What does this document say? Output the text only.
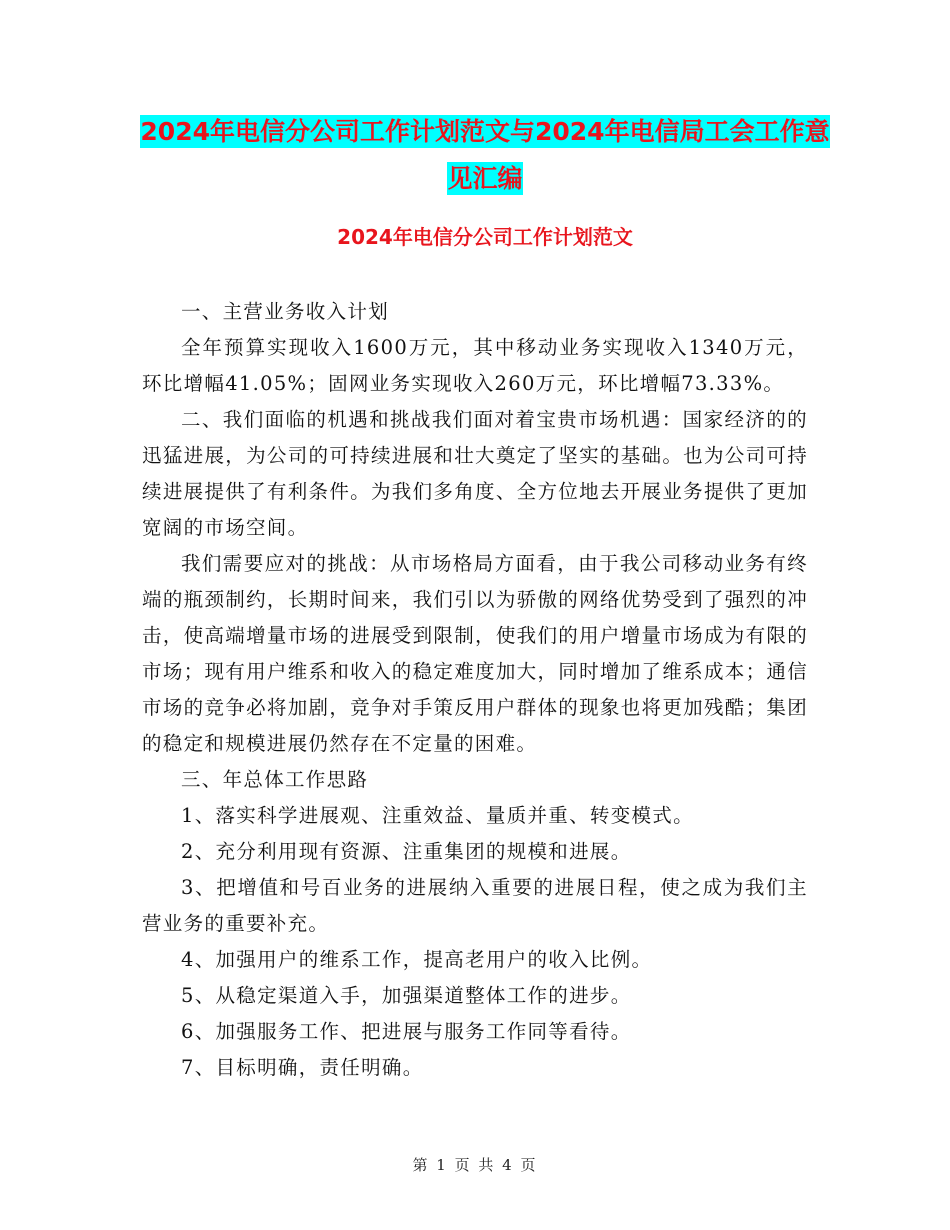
2024年电信分公司工作计划范文与2024年电信局工会工作意见汇编
2024年电信分公司工作计划范文

一、主营业务收入计划

全年预算实现收入1600万元，其中移动业务实现收入1340万元，环比增幅41.05%；固网业务实现收入260万元，环比增幅73.33%。

二、我们面临的机遇和挑战我们面对着宝贵市场机遇：国家经济的的迅猛进展，为公司的可持续进展和壮大奠定了坚实的基础。也为公司可持续进展提供了有利条件。为我们多角度、全方位地去开展业务提供了更加宽阔的市场空间。

我们需要应对的挑战：从市场格局方面看，由于我公司移动业务有终端的瓶颈制约，长期时间来，我们引以为骄傲的网络优势受到了强烈的冲击，使高端增量市场的进展受到限制，使我们的用户增量市场成为有限的市场；现有用户维系和收入的稳定难度加大，同时增加了维系成本；通信市场的竞争必将加剧，竞争对手策反用户群体的现象也将更加残酷；集团的稳定和规模进展仍然存在不定量的困难。

三、年总体工作思路

1、落实科学进展观、注重效益、量质并重、转变模式。

2、充分利用现有资源、注重集团的规模和进展。

3、把增值和号百业务的进展纳入重要的进展日程，使之成为我们主营业务的重要补充。

4、加强用户的维系工作，提高老用户的收入比例。

5、从稳定渠道入手，加强渠道整体工作的进步。

6、加强服务工作、把进展与服务工作同等看待。

7、目标明确，责任明确。

第 1 页 共 4 页
